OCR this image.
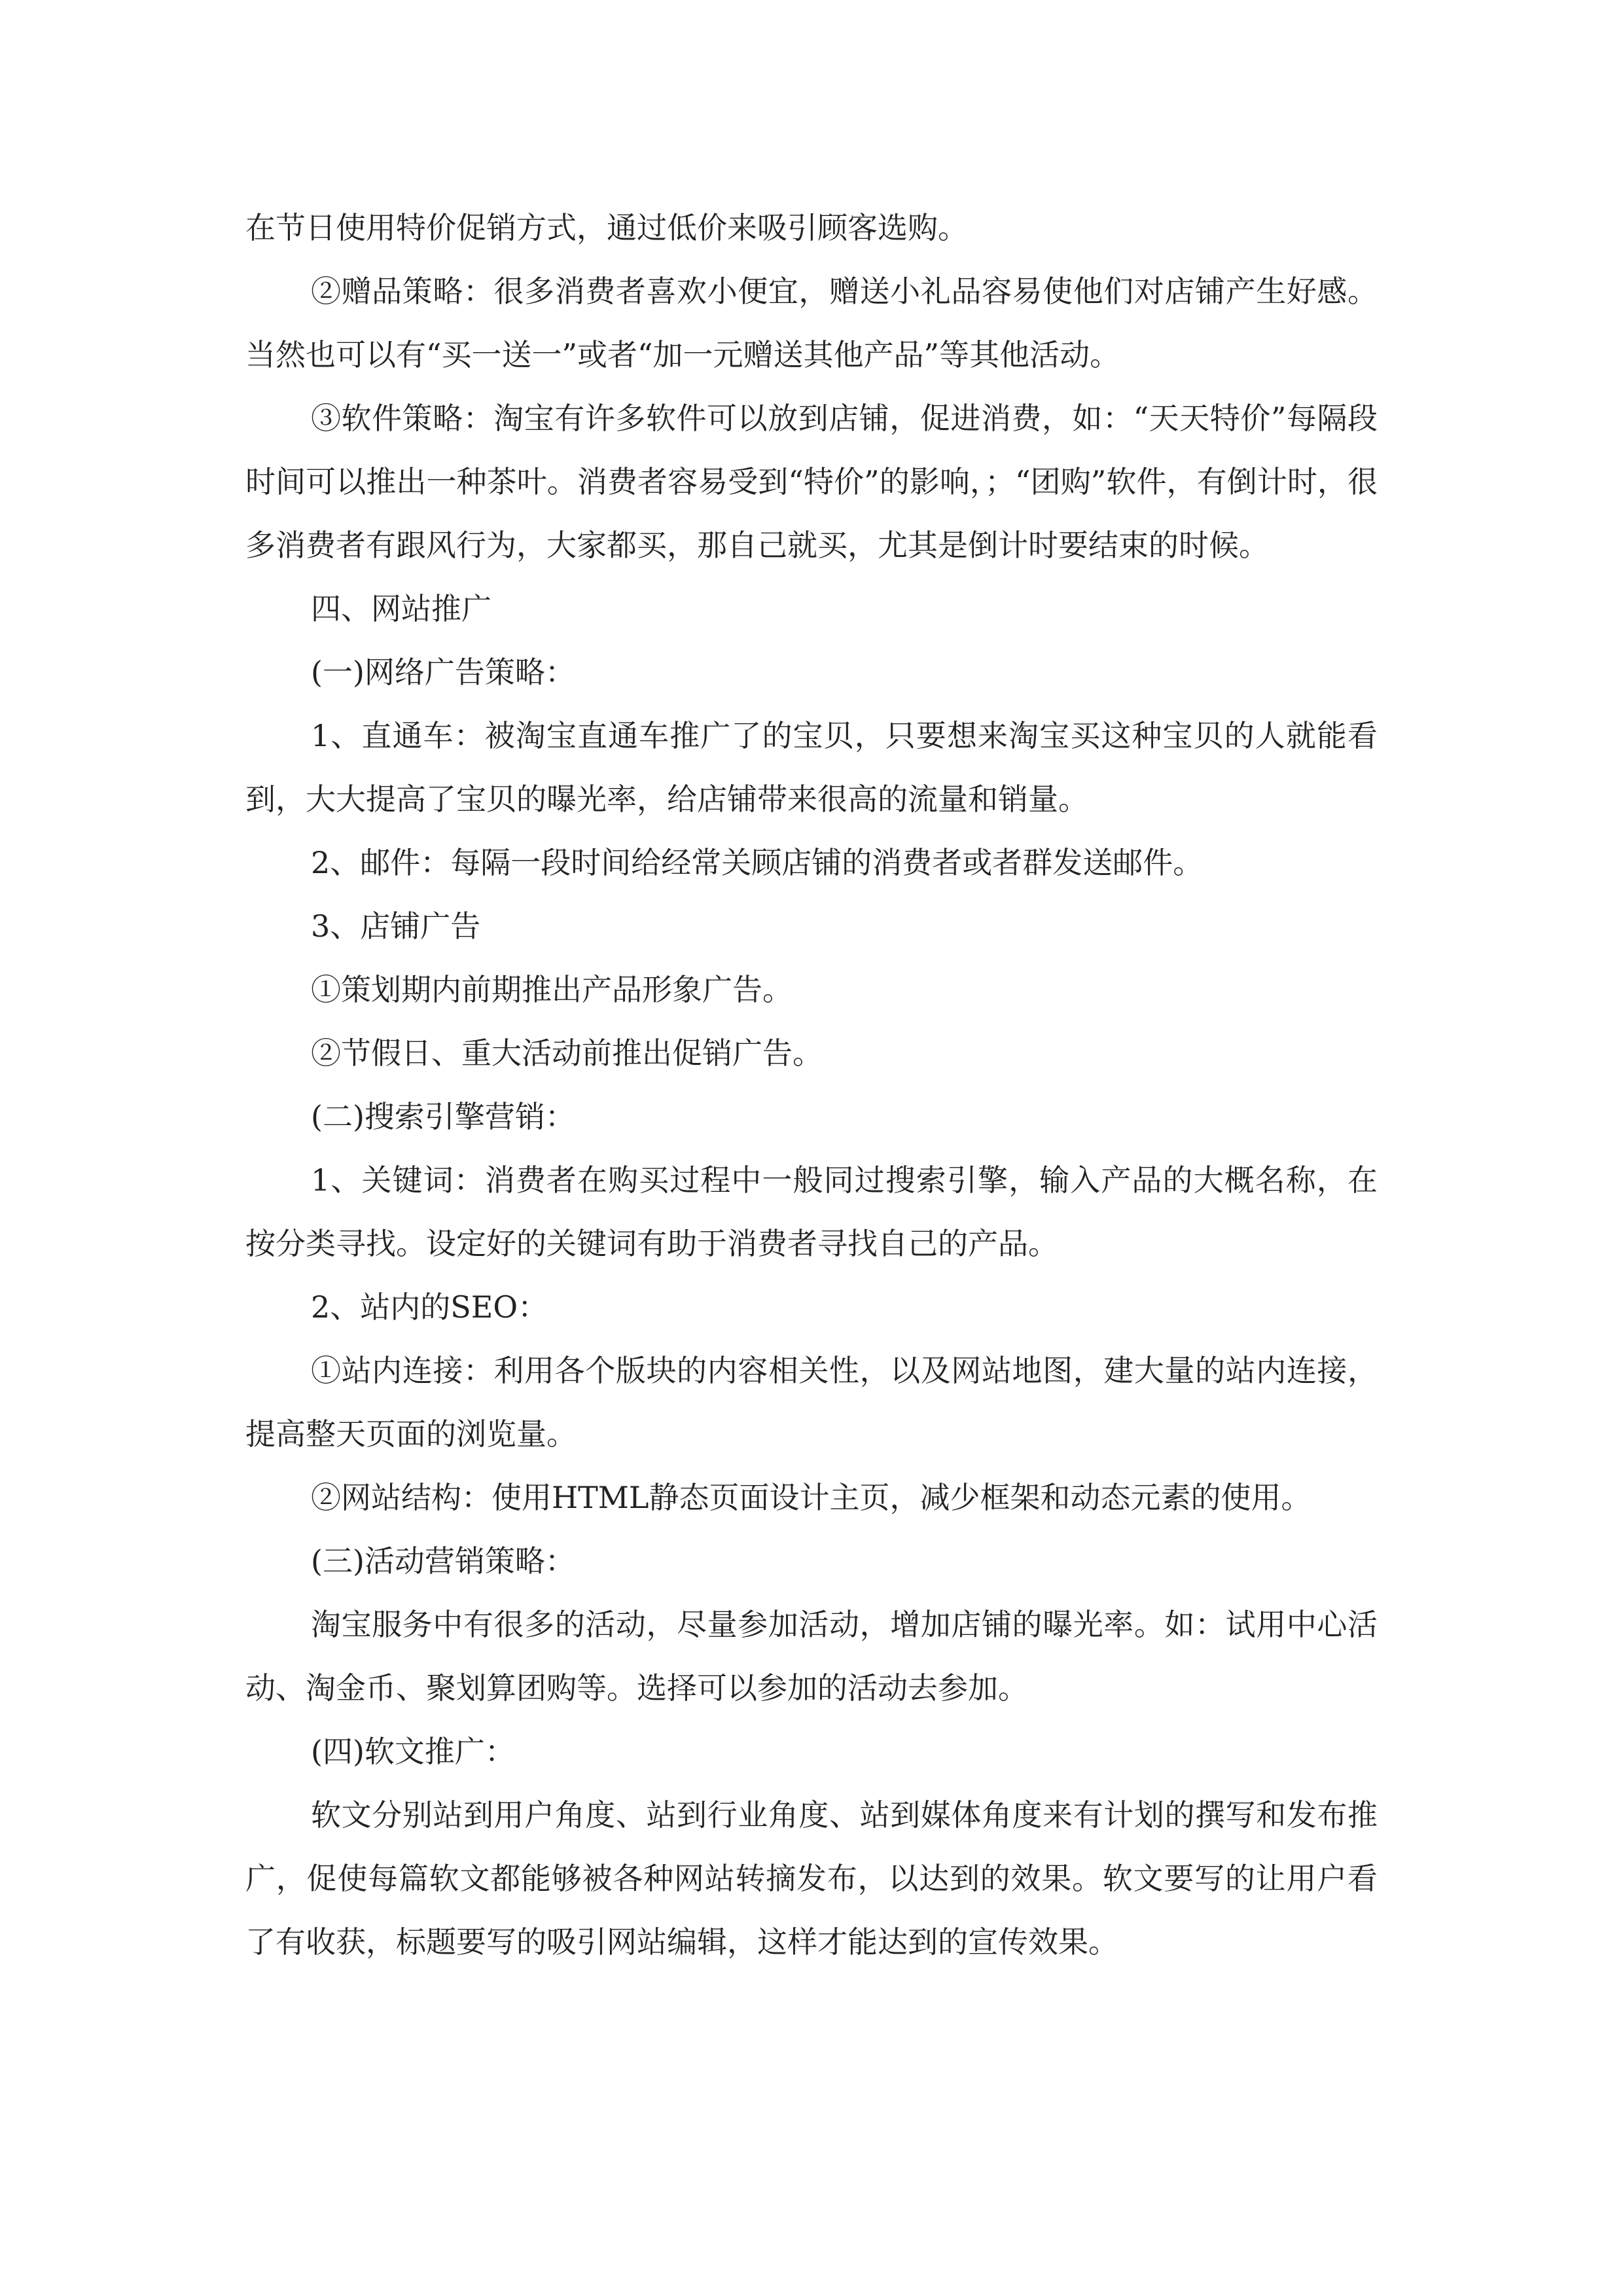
在节日使用特价促销方式，通过低价来吸引顾客选购。

②赠品策略：很多消费者喜欢小便宜，赠送小礼品容易使他们对店铺产生好感。当然也可以有“买一送一”或者“加一元赠送其他产品”等其他活动。

③软件策略：淘宝有许多软件可以放到店铺，促进消费，如：“天天特价”每隔段时间可以推出一种茶叶。消费者容易受到“特价”的影响，；“团购”软件，有倒计时，很多消费者有跟风行为，大家都买，那自己就买，尤其是倒计时要结束的时候。

四、网站推广

(一)网络广告策略：

1、直通车：被淘宝直通车推广了的宝贝，只要想来淘宝买这种宝贝的人就能看到，大大提高了宝贝的曝光率，给店铺带来很高的流量和销量。

2、邮件：每隔一段时间给经常关顾店铺的消费者或者群发送邮件。

3、店铺广告

①策划期内前期推出产品形象广告。

②节假日、重大活动前推出促销广告。

(二)搜索引擎营销：

1、关键词：消费者在购买过程中一般同过搜索引擎，输入产品的大概名称，在按分类寻找。设定好的关键词有助于消费者寻找自己的产品。

2、站内的SEO：

①站内连接：利用各个版块的内容相关性，以及网站地图，建大量的站内连接，提高整天页面的浏览量。

②网站结构：使用HTML静态页面设计主页，减少框架和动态元素的使用。

(三)活动营销策略：

淘宝服务中有很多的活动，尽量参加活动，增加店铺的曝光率。如：试用中心活动、淘金币、聚划算团购等。选择可以参加的活动去参加。

(四)软文推广：

软文分别站到用户角度、站到行业角度、站到媒体角度来有计划的撰写和发布推广，促使每篇软文都能够被各种网站转摘发布，以达到的效果。软文要写的让用户看了有收获，标题要写的吸引网站编辑，这样才能达到的宣传效果。
